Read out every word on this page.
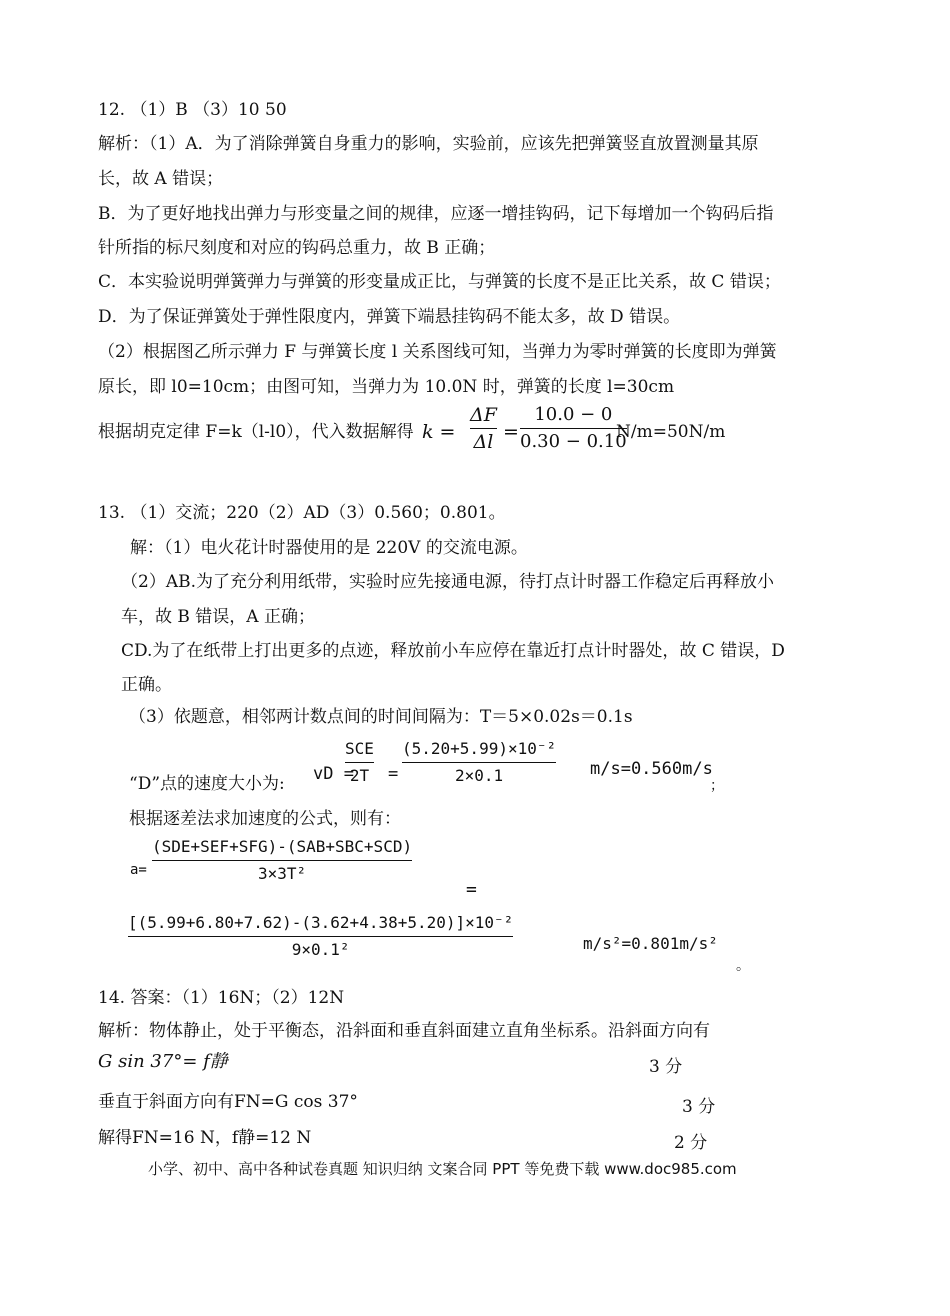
12. （1）B （3）10 50
解析：（1）A．为了消除弹簧自身重力的影响，实验前，应该先把弹簧竖直放置测量其原
长，故 A 错误；
B．为了更好地找出弹力与形变量之间的规律，应逐一增挂钩码，记下每增加一个钩码后指
针所指的标尺刻度和对应的钩码总重力，故 B 正确；
C．本实验说明弹簧弹力与弹簧的形变量成正比，与弹簧的长度不是正比关系，故 C 错误；
D．为了保证弹簧处于弹性限度内，弹簧下端悬挂钩码不能太多，故 D 错误。
（2）根据图乙所示弹力 F 与弹簧长度 l 关系图线可知，当弹力为零时弹簧的长度即为弹簧
原长，即 l0=10cm；由图可知，当弹力为 10.0N 时，弹簧的长度 l=30cm
根据胡克定律 F=k（l-l0），代入数据解得 k =
ΔF
Δl =
10.0 − 0
0.30 − 0.10
N/m=50N/m
13. （1）交流；220（2）AD（3）0.560；0.801。
解：（1）电火花计时器使用的是 220V 的交流电源。
（2）AB.为了充分利用纸带，实验时应先接通电源，待打点计时器工作稳定后再释放小
车，故 B 错误，A 正确；
CD.为了在纸带上打出更多的点迹，释放前小车应停在靠近打点计时器处，故 C 错误，D
正确。
（3）依题意，相邻两计数点间的时间间隔为：T＝5×0.02s＝0.1s
“D”点的速度大小为: vD =
SCE
2T =
(5.20+5.99)×10⁻²
2×0.1	m/s=0.560m/s
；
根据逐差法求加速度的公式，则有：
a=
(SDE+SEF+SFG)-(SAB+SBC+SCD)
3×3T²
=
[(5.99+6.80+7.62)-(3.62+4.38+5.20)]×10⁻²
9×0.1²	m/s²=0.801m/s²
。
14. 答案：（1）16N；（2）12N
解析：物体静止，处于平衡态，沿斜面和垂直斜面建立直角坐标系。沿斜面方向有
G sin 37°= f静	3 分
垂直于斜面方向有FN=G cos 37°	3 分
解得FN=16 N，f静=12 N	2 分
小学、初中、高中各种试卷真题 知识归纳 文案合同 PPT 等免费下载 www.doc985.com
